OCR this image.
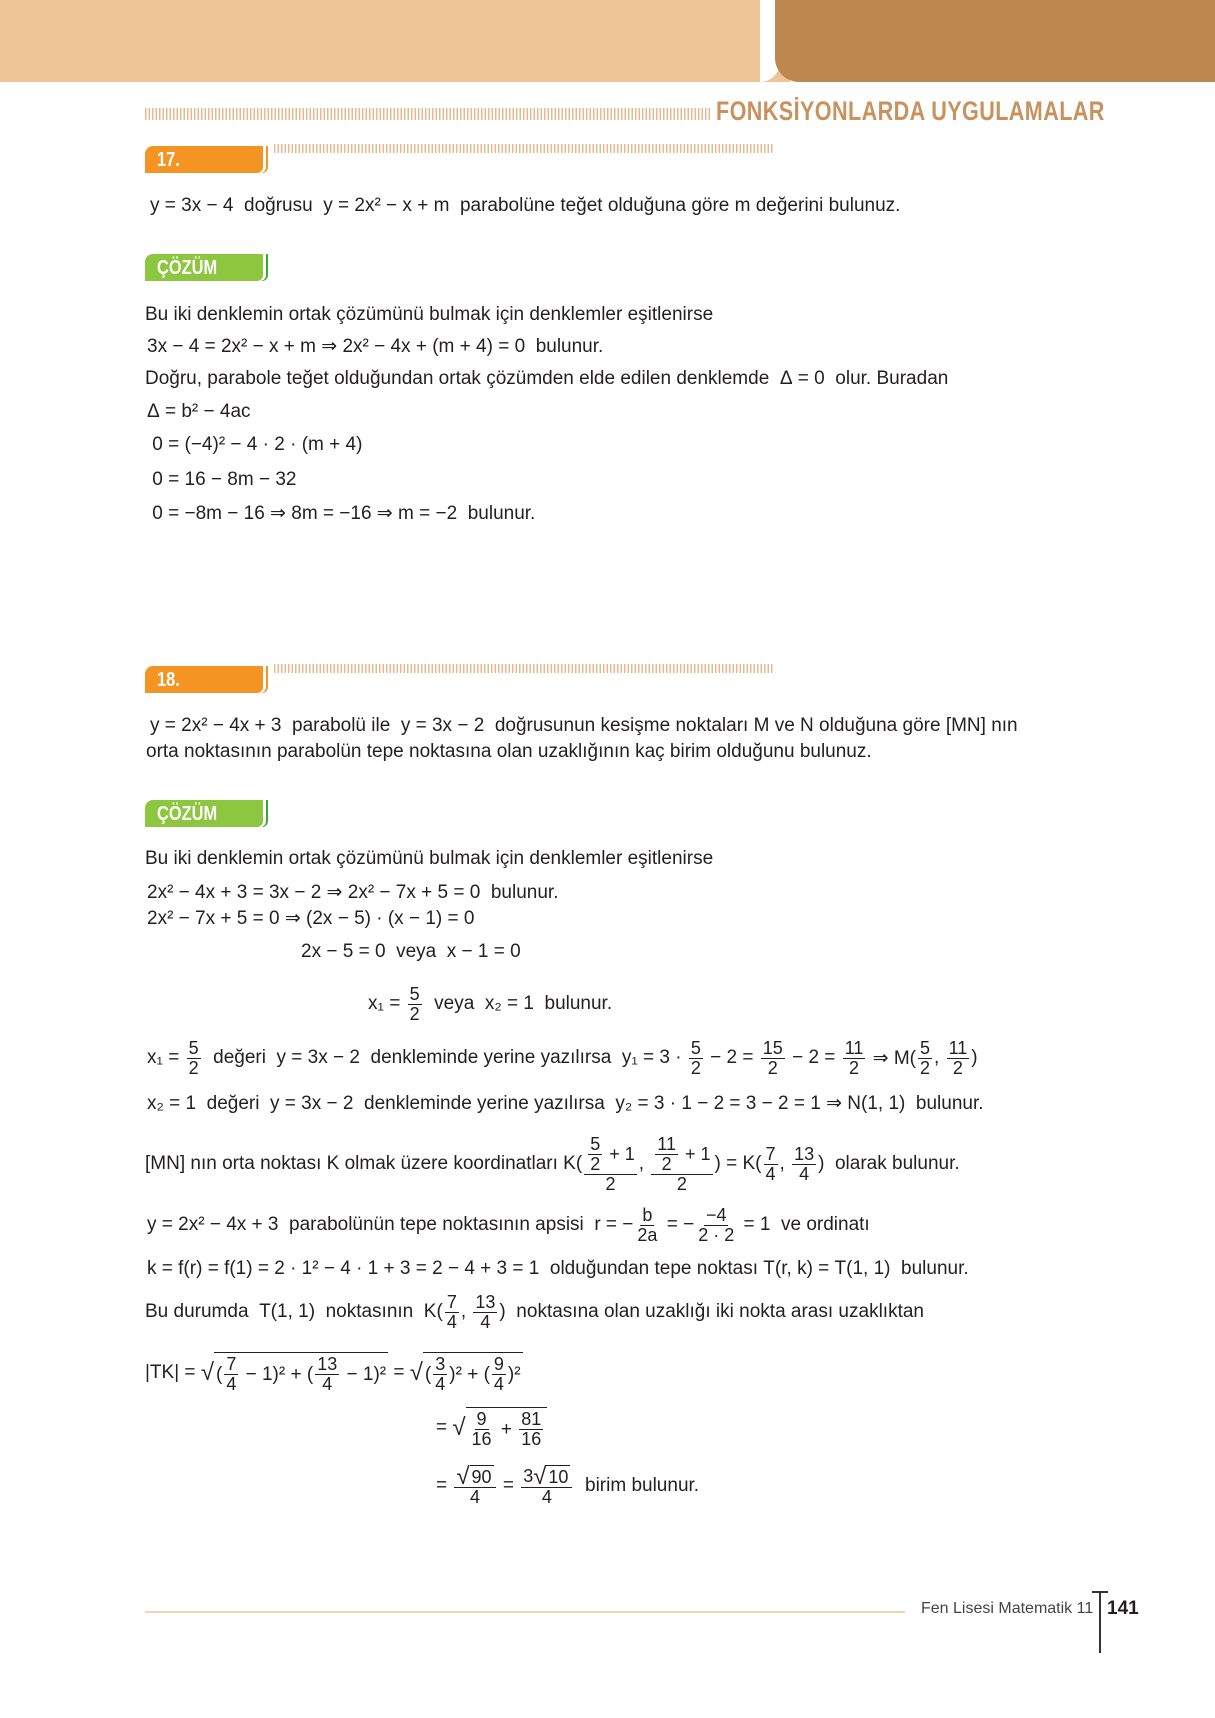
FONKSİYONLARDA UYGULAMALAR
17. ÖRNEK
y = 3x − 4  doğrusu  y = 2x² − x + m  parabolüne teğet olduğuna göre m değerini bulunuz.
ÇÖZÜM
Bu iki denklemin ortak çözümünü bulmak için denklemler eşitlenirse
3x − 4 = 2x² − x + m ⇒ 2x² − 4x + (m + 4) = 0  bulunur.
Doğru, parabole teğet olduğundan ortak çözümden elde edilen denklemde  Δ = 0  olur. Buradan
Δ = b² − 4ac
0 = (−4)² − 4 · 2 · (m + 4)
0 = 16 − 8m − 32
0 = −8m − 16 ⇒ 8m = −16 ⇒ m = −2  bulunur.
18. ÖRNEK
y = 2x² − 4x + 3  parabolü ile  y = 3x − 2  doğrusunun kesişme noktaları M ve N olduğuna göre [MN] nın
orta noktasının parabolün tepe noktasına olan uzaklığının kaç birim olduğunu bulunuz.
ÇÖZÜM
Bu iki denklemin ortak çözümünü bulmak için denklemler eşitlenirse
2x² − 4x + 3 = 3x − 2 ⇒ 2x² − 7x + 5 = 0  bulunur.
2x² − 7x + 5 = 0 ⇒ (2x − 5) · (x − 1) = 0
2x − 5 = 0  veya  x − 1 = 0
$x_1 = \frac{5}{2}$ veya  x₂ = 1  bulunur.
$x_1 = \frac{5}{2}$ değeri  y = 3x − 2  denkleminde yerine yazılırsa  $y_1 = 3 \cdot \frac{5}{2} - 2 = \frac{15}{2} - 2 = \frac{11}{2}$ ⇒ $M( \frac{5}{2}$ , $\frac{11}{2}$ )
x₂ = 1  değeri  y = 3x − 2  denkleminde yerine yazılırsa  y₂ = 3 · 1 − 2 = 3 − 2 = 1 ⇒ N(1, 1)  bulunur.
[MN] nın orta noktası K olmak üzere koordinatları $K( \frac{\frac{5}{2} + 1}{2}$ , $\frac{\frac{11}{2} + 1}{2}$ ) = $K( \frac{7}{4}$ , $\frac{13}{4}$ )  olarak bulunur.
y = 2x² − 4x + 3  parabolünün tepe noktasının apsisi  r = − $\frac{b}{2a}$ = − $\frac{-4}{2 \cdot 2} = 1$  ve ordinatı
k = f(r) = f(1) = 2 · 1² − 4 · 1 + 3 = 2 − 4 + 3 = 1  olduğundan tepe noktası T(r, k) = T(1, 1)  bulunur.
Bu durumda  T(1, 1)  noktasının  $K( \frac{7}{4}$ , $\frac{13}{4}$ )  noktasına olan uzaklığı iki nokta arası uzaklıktan
|TK| = √ ( $\frac{7}{4} - 1)^2$ + ( $\frac{13}{4} - 1)^2$ = √ ( $\frac{3}{4} )^2$ + ( $\frac{9}{4} )^2$
= √ $\frac{9}{16} + \frac{81}{16}$
= $\frac{√ 90}{4} = \frac{3 √ 10}{4}$ birim bulunur.
Fen Lisesi Matematik 11 141
